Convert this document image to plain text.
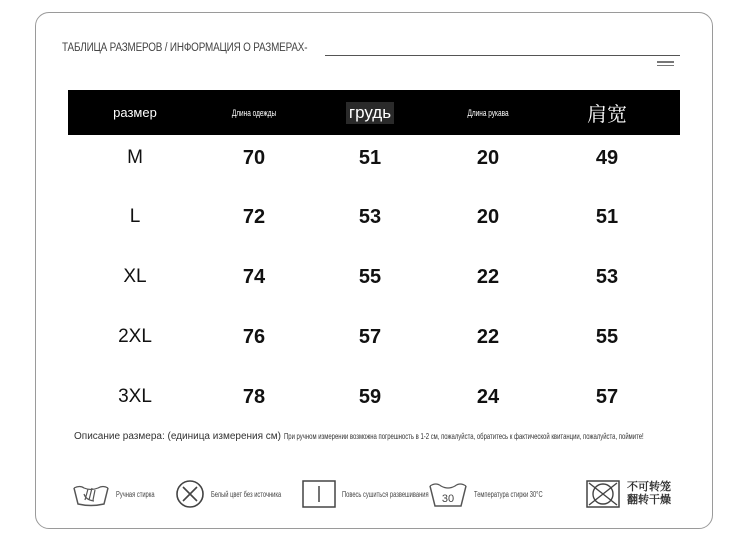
ТАБЛИЦА РАЗМЕРОВ / ИНФОРМАЦИЯ О РАЗМЕРАХ-
размер	Длина одежды	грудь	Длина рукава	肩宽
M	70	51	20	49
L	72	53	20	51
XL	74	55	22	53
2XL	76	57	22	55
3XL	78	59	24	57
Описание размера: (единица измерения см) При ручном измерении возможна погрешность в 1-2 см, пожалуйста, обратитесь к фактической квитанции, пожалуйста, поймите!
Ручная стирка	Белый цвет без источника	Повесь сушиться развешивания 30 Температура стирки 30°C
不可转笼
翻转干燥
